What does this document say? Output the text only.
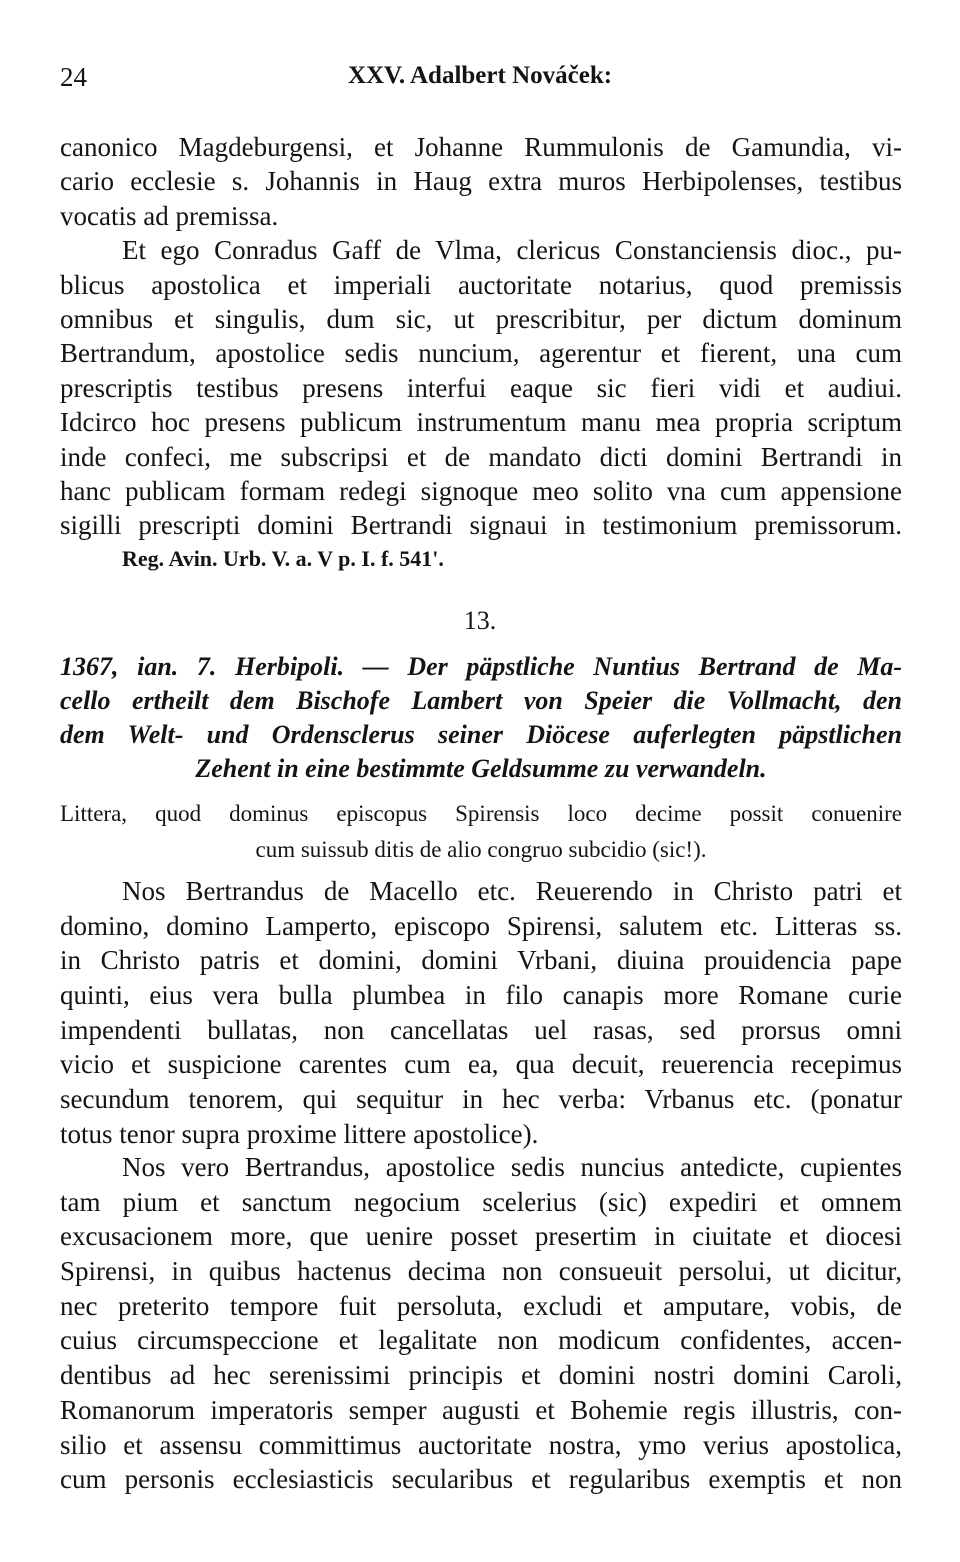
24	XXV. Adalbert Nováček:
canonico Magdeburgensi, et Johanne Rummulonis de Gamundia, vi-
cario ecclesie s. Johannis in Haug extra muros Herbipolenses, testibus
vocatis ad premissa.
Et ego Conradus Gaff de Vlma, clericus Constanciensis dioc., pu-
blicus apostolica et imperiali auctoritate notarius, quod premissis
omnibus et singulis, dum sic, ut prescribitur, per dictum dominum
Bertrandum, apostolice sedis nuncium, agerentur et fierent, una cum
prescriptis testibus presens interfui eaque sic fieri vidi et audiui.
Idcirco hoc presens publicum instrumentum manu mea propria scriptum
inde confeci, me subscripsi et de mandato dicti domini Bertrandi in
hanc publicam formam redegi signoque meo solito vna cum appensione
sigilli prescripti domini Bertrandi signaui in testimonium premissorum.
Reg. Avin. Urb. V. a. V p. I. f. 541'.
13.
1367, ian. 7. Herbipoli. — Der päpstliche Nuntius Bertrand de Ma-
cello ertheilt dem Bischofe Lambert von Speier die Vollmacht, den
dem Welt- und Ordensclerus seiner Diöcese auferlegten päpstlichen
Zehent in eine bestimmte Geldsumme zu verwandeln.
Littera, quod dominus episcopus Spirensis loco decime possit conuenire
cum suissub ditis de alio congruo subcidio (sic!).
Nos Bertrandus de Macello etc. Reuerendo in Christo patri et
domino, domino Lamperto, episcopo Spirensi, salutem etc. Litteras ss.
in Christo patris et domini, domini Vrbani, diuina prouidencia pape
quinti, eius vera bulla plumbea in filo canapis more Romane curie
impendenti bullatas, non cancellatas uel rasas, sed prorsus omni
vicio et suspicione carentes cum ea, qua decuit, reuerencia recepimus
secundum tenorem, qui sequitur in hec verba: Vrbanus etc. (ponatur
totus tenor supra proxime littere apostolice).
Nos vero Bertrandus, apostolice sedis nuncius antedicte, cupientes
tam pium et sanctum negocium scelerius (sic) expediri et omnem
excusacionem more, que uenire posset presertim in ciuitate et diocesi
Spirensi, in quibus hactenus decima non consueuit persolui, ut dicitur,
nec preterito tempore fuit persoluta, excludi et amputare, vobis, de
cuius circumspeccione et legalitate non modicum confidentes, accen-
dentibus ad hec serenissimi principis et domini nostri domini Caroli,
Romanorum imperatoris semper augusti et Bohemie regis illustris, con-
silio et assensu committimus auctoritate nostra, ymo verius apostolica,
cum personis ecclesiasticis secularibus et regularibus exemptis et non
